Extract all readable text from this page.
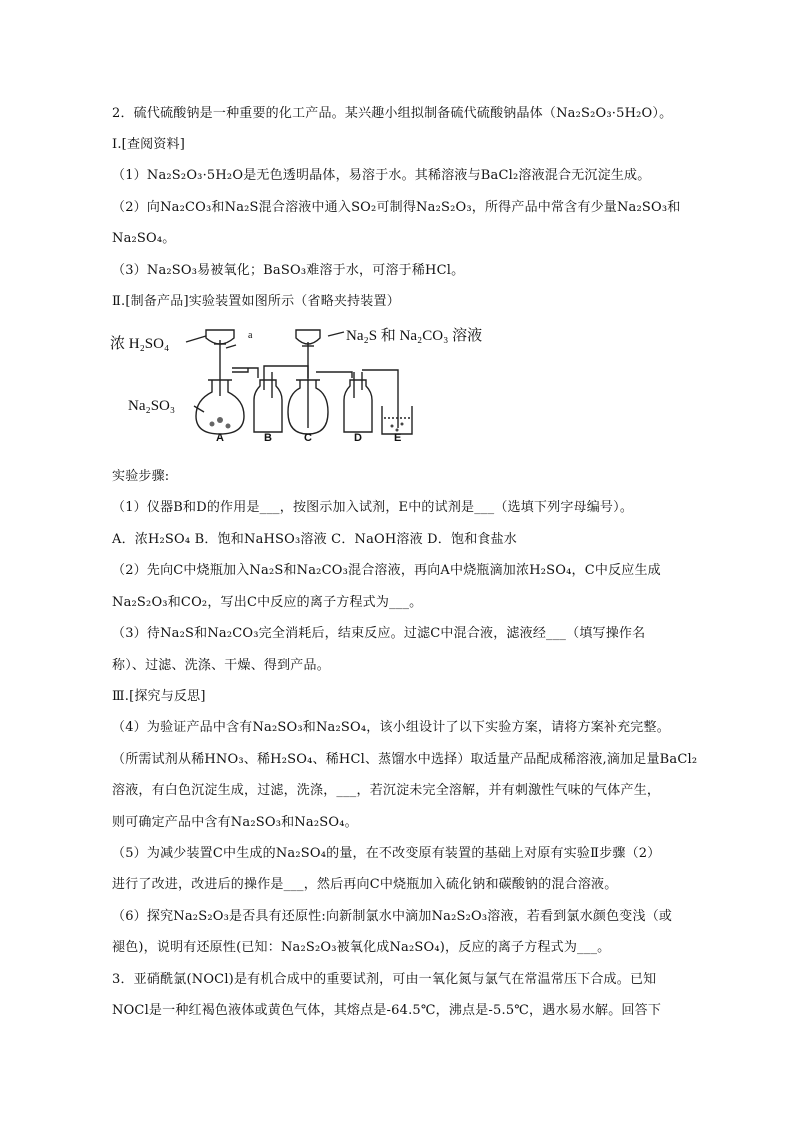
2．硫代硫酸钠是一种重要的化工产品。某兴趣小组拟制备硫代硫酸钠晶体（Na₂S₂O₃·5H₂O）。
I.[查阅资料]
（1）Na₂S₂O₃·5H₂O是无色透明晶体，易溶于水。其稀溶液与BaCl₂溶液混合无沉淀生成。
（2）向Na₂CO₃和Na₂S混合溶液中通入SO₂可制得Na₂S₂O₃，所得产品中常含有少量Na₂SO₃和
Na₂SO₄。
（3）Na₂SO₃易被氧化；BaSO₃难溶于水，可溶于稀HCl。
Ⅱ.[制备产品]实验装置如图所示（省略夹持装置）
浓 H₂SO₄
a	Na₂S 和 Na₂CO₃ 溶液
Na₂SO₃
A	B	C	D	E
实验步骤:
（1）仪器B和D的作用是___，按图示加入试剂，E中的试剂是___（选填下列字母编号）。
A．浓H₂SO₄ B．饱和NaHSO₃溶液 C．NaOH溶液 D．饱和食盐水
（2）先向C中烧瓶加入Na₂S和Na₂CO₃混合溶液，再向A中烧瓶滴加浓H₂SO₄，C中反应生成
Na₂S₂O₃和CO₂，写出C中反应的离子方程式为___。
（3）待Na₂S和Na₂CO₃完全消耗后，结束反应。过滤C中混合液，滤液经___（填写操作名
称）、过滤、洗涤、干燥、得到产品。
Ⅲ.[探究与反思]
（4）为验证产品中含有Na₂SO₃和Na₂SO₄，该小组设计了以下实验方案，请将方案补充完整。
（所需试剂从稀HNO₃、稀H₂SO₄、稀HCl、蒸馏水中选择）取适量产品配成稀溶液,滴加足量BaCl₂
溶液，有白色沉淀生成，过滤，洗涤，___，若沉淀未完全溶解，并有刺激性气味的气体产生，
则可确定产品中含有Na₂SO₃和Na₂SO₄。
（5）为减少装置C中生成的Na₂SO₄的量，在不改变原有装置的基础上对原有实验Ⅱ步骤（2）
进行了改进，改进后的操作是___，然后再向C中烧瓶加入硫化钠和碳酸钠的混合溶液。
（6）探究Na₂S₂O₃是否具有还原性:向新制氯水中滴加Na₂S₂O₃溶液，若看到氯水颜色变浅（或
褪色)，说明有还原性(已知：Na₂S₂O₃被氧化成Na₂SO₄)，反应的离子方程式为___。
3．亚硝酰氯(NOCl)是有机合成中的重要试剂，可由一氧化氮与氯气在常温常压下合成。已知
NOCl是一种红褐色液体或黄色气体，其熔点是-64.5℃，沸点是-5.5℃，遇水易水解。回答下
